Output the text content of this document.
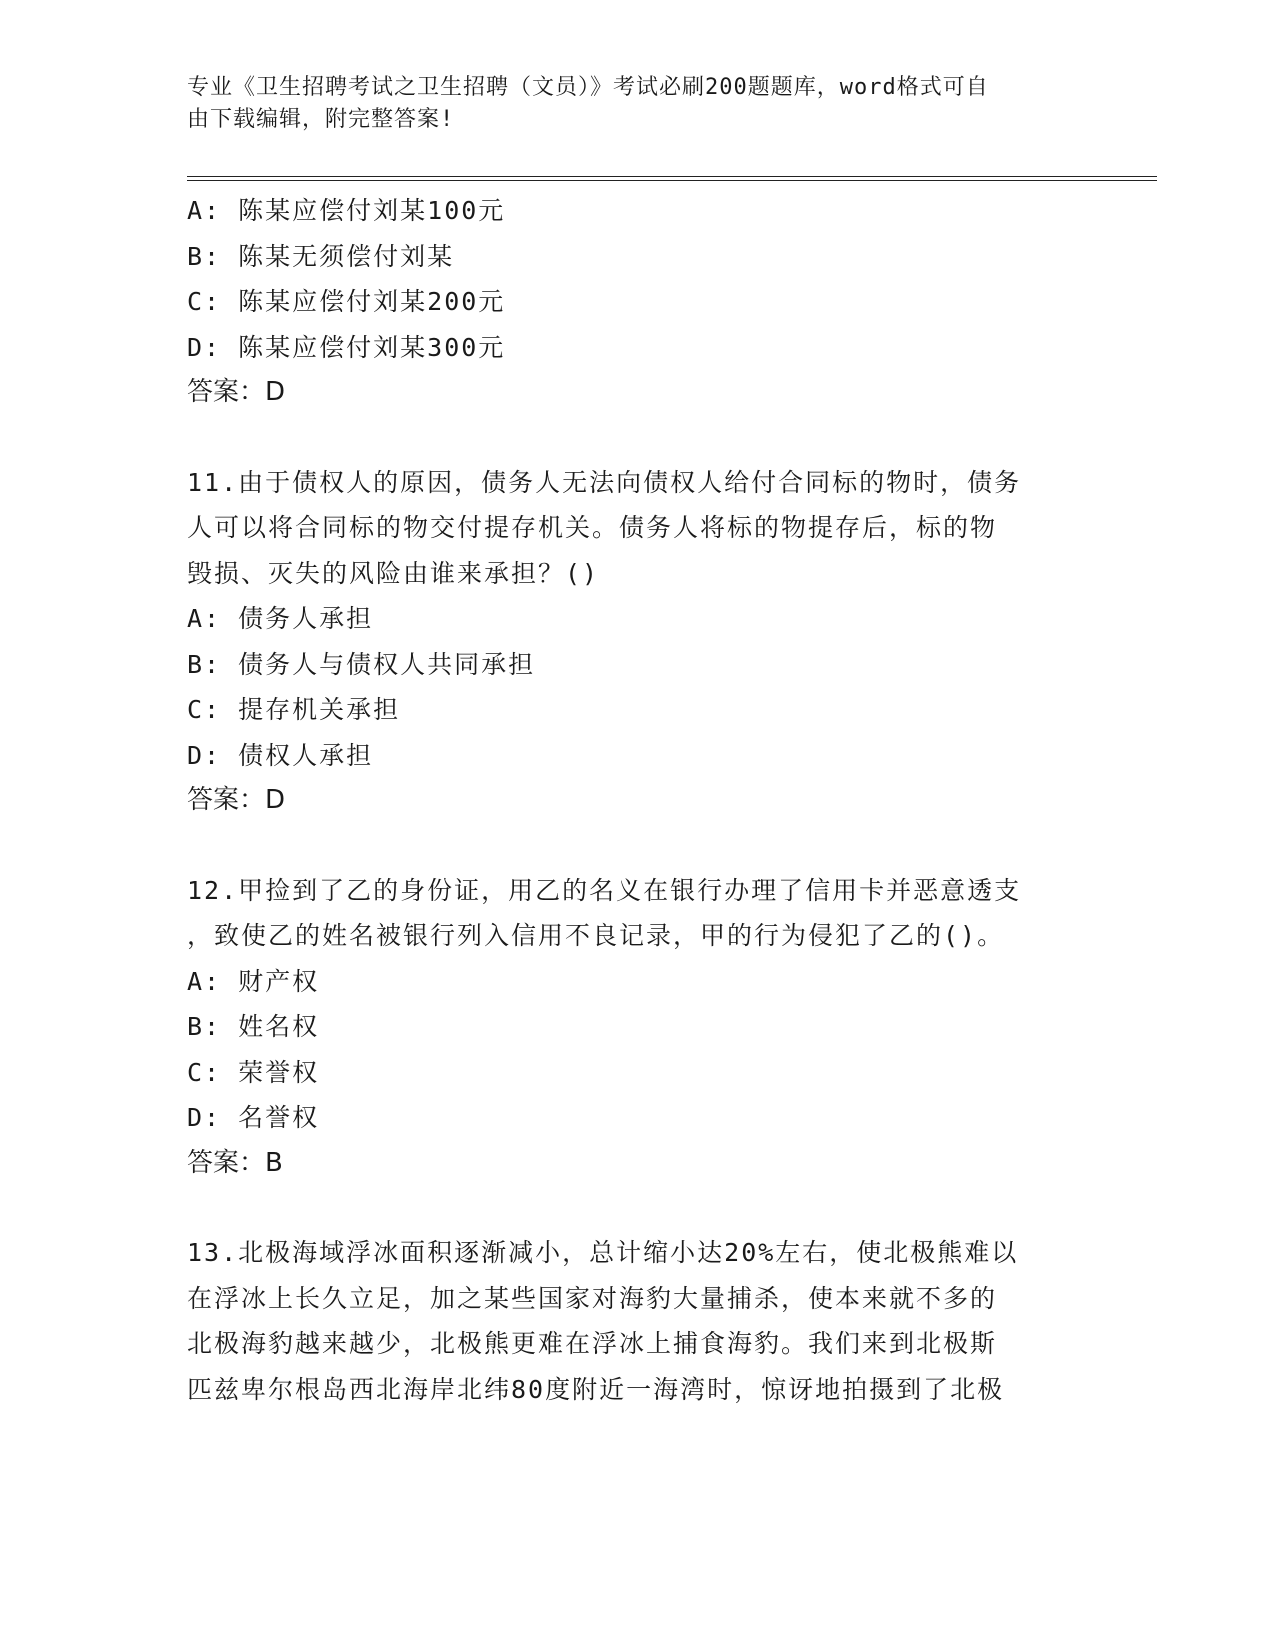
专业《卫生招聘考试之卫生招聘（文员）》考试必刷200题题库，word格式可自
由下载编辑，附完整答案!
A: 陈某应偿付刘某100元
B: 陈某无须偿付刘某
C: 陈某应偿付刘某200元
D: 陈某应偿付刘某300元
答案：D
11.由于债权人的原因，债务人无法向债权人给付合同标的物时，债务
人可以将合同标的物交付提存机关。债务人将标的物提存后，标的物
毁损、灭失的风险由谁来承担？()
A: 债务人承担
B: 债务人与债权人共同承担
C: 提存机关承担
D: 债权人承担
答案：D
12.甲捡到了乙的身份证，用乙的名义在银行办理了信用卡并恶意透支
，致使乙的姓名被银行列入信用不良记录，甲的行为侵犯了乙的()。
A: 财产权
B: 姓名权
C: 荣誉权
D: 名誉权
答案：B
13.北极海域浮冰面积逐渐减小，总计缩小达20%左右，使北极熊难以
在浮冰上长久立足，加之某些国家对海豹大量捕杀，使本来就不多的
北极海豹越来越少，北极熊更难在浮冰上捕食海豹。我们来到北极斯
匹兹卑尔根岛西北海岸北纬80度附近一海湾时，惊讶地拍摄到了北极
